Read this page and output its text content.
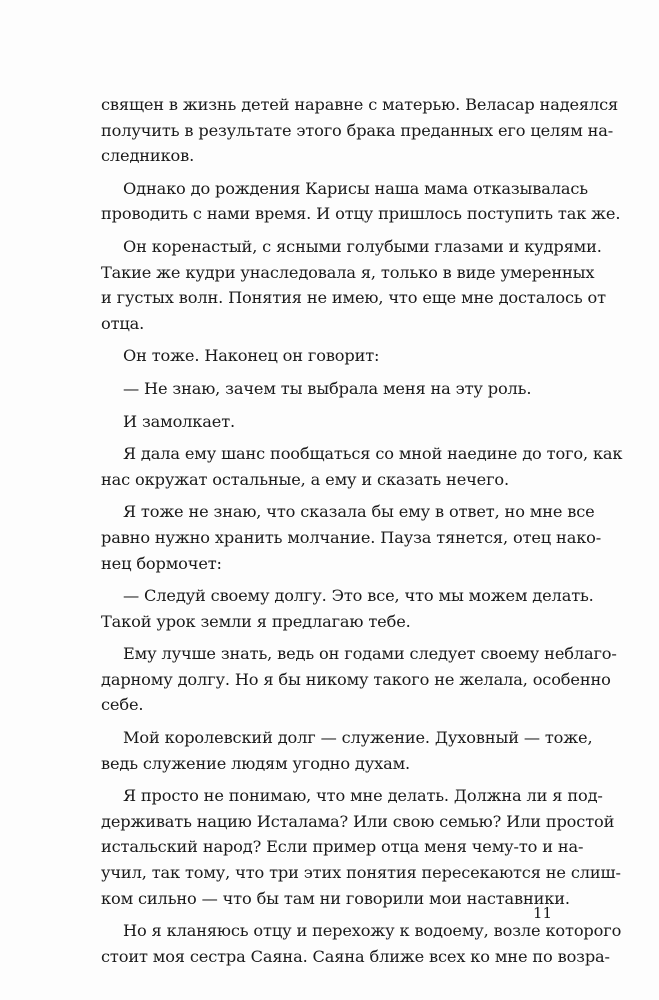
священ в жизнь детей наравне с матерью. Веласар надеялся
получить в результате этого брака преданных его целям на-
следников.

Однако до рождения Карисы наша мама отказывалась
проводить с нами время. И отцу пришлось поступить так же.

Он коренастый, с ясными голубыми глазами и кудрями.
Такие же кудри унаследовала я, только в виде умеренных
и густых волн. Понятия не имею, что еще мне досталось от
отца.

Он тоже. Наконец он говорит:

— Не знаю, зачем ты выбрала меня на эту роль.

И замолкает.

Я дала ему шанс пообщаться со мной наедине до того, как
нас окружат остальные, а ему и сказать нечего.

Я тоже не знаю, что сказала бы ему в ответ, но мне все
равно нужно хранить молчание. Пауза тянется, отец нако-
нец бормочет:

— Следуй своему долгу. Это все, что мы можем делать.
Такой урок земли я предлагаю тебе.

Ему лучше знать, ведь он годами следует своему неблаго-
дарному долгу. Но я бы никому такого не желала, особенно
себе.

Мой королевский долг — служение. Духовный — тоже,
ведь служение людям угодно духам.

Я просто не понимаю, что мне делать. Должна ли я под-
держивать нацию Исталама? Или свою семью? Или простой
истальский народ? Если пример отца меня чему-то и на-
учил, так тому, что три этих понятия пересекаются не слиш-
ком сильно — что бы там ни говорили мои наставники.

Но я кланяюсь отцу и перехожу к водоему, возле которого
стоит моя сестра Саяна. Саяна ближе всех ко мне по возра-

11
